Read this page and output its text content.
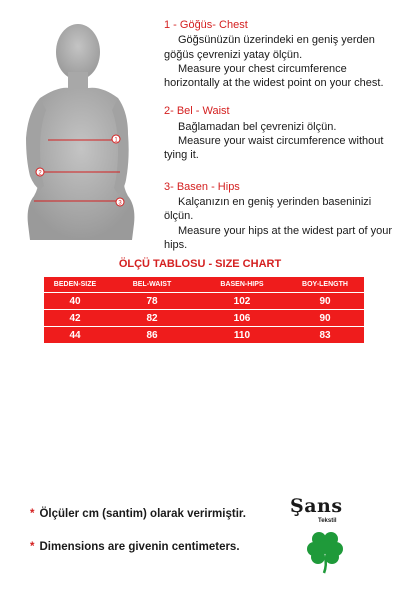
1
2
3

1 - Göğüs- Chest

Göğsünüzün üzerindeki en geniş yerden göğüs çevrenizi yatay ölçün.

Measure your chest circumference horizontally at the widest point on your chest.

2- Bel - Waist

Bağlamadan bel çevrenizi ölçün.

Measure your waist circumference without tying it.

3- Basen - Hips

Kalçanızın en geniş yerinden baseninizi ölçün.

Measure your hips at the widest part of your hips.

ÖLÇÜ TABLOSU - SIZE CHART
BEDEN-SIZE	BEL-WAIST	BASEN-HIPS	BOY-LENGTH
40	78	102	90
42	82	106	90
44	86	110	83
* Ölçüler cm (santim) olarak verirmiştir.
* Dimensions are givenin centimeters.
Şans
Tekstil
